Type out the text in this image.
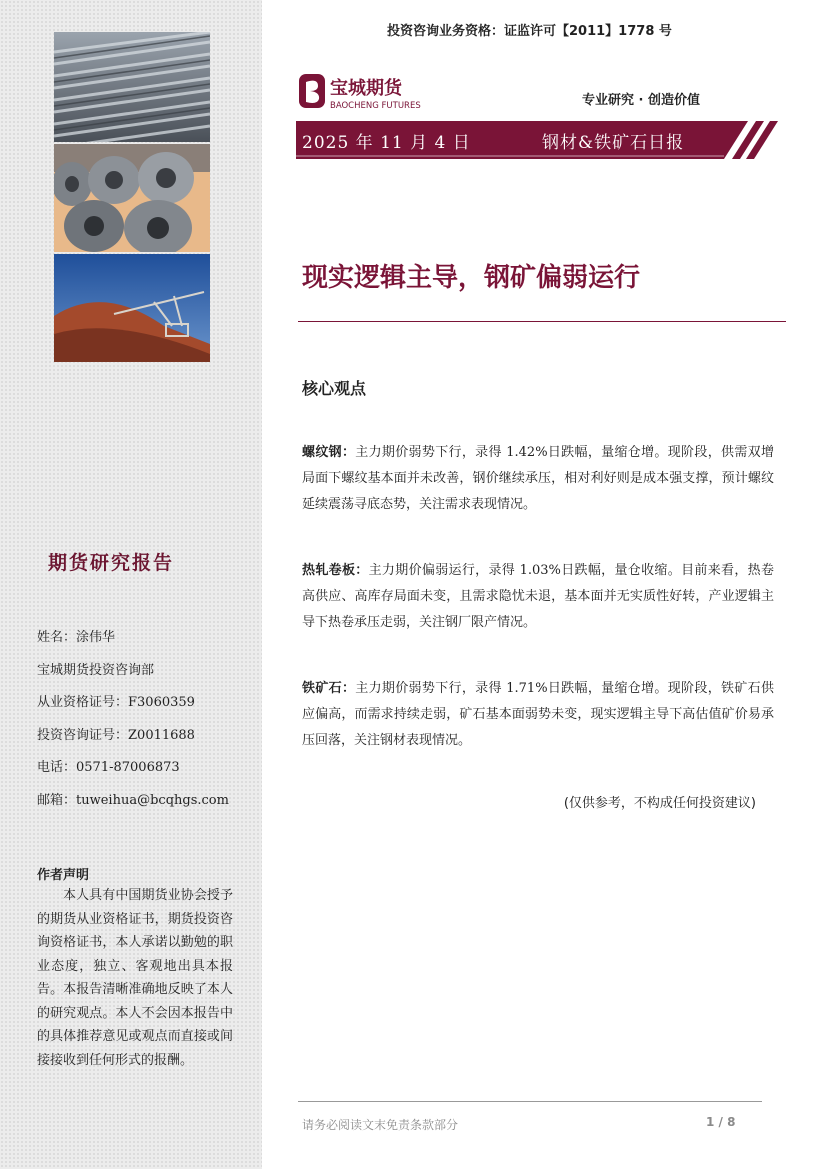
期货研究报告
姓名：涂伟华
宝城期货投资咨询部
从业资格证号：F3060359
投资咨询证号：Z0011688
电话：0571-87006873
邮箱：tuweihua@bcqhgs.com
作者声明
本人具有中国期货业协会授予的期货从业资格证书，期货投资咨询资格证书，本人承诺以勤勉的职业态度，独立、客观地出具本报告。本报告清晰准确地反映了本人的研究观点。本人不会因本报告中的具体推荐意见或观点而直接或间接接收到任何形式的报酬。
投资咨询业务资格：证监许可【2011】1778 号
宝城期货
BAOCHENG FUTURES	专业研究 · 创造价值
2025 年 11 月 4 日	钢材&铁矿石日报
现实逻辑主导，钢矿偏弱运行
核心观点
螺纹钢：主力期价弱势下行，录得 1.42%日跌幅，量缩仓增。现阶段，供需双增局面下螺纹基本面并未改善，钢价继续承压，相对利好则是成本强支撑，预计螺纹延续震荡寻底态势，关注需求表现情况。
热轧卷板：主力期价偏弱运行，录得 1.03%日跌幅，量仓收缩。目前来看，热卷高供应、高库存局面未变，且需求隐忧未退，基本面并无实质性好转，产业逻辑主导下热卷承压走弱，关注钢厂限产情况。
铁矿石：主力期价弱势下行，录得 1.71%日跌幅，量缩仓增。现阶段，铁矿石供应偏高，而需求持续走弱，矿石基本面弱势未变，现实逻辑主导下高估值矿价易承压回落，关注钢材表现情况。
(仅供参考，不构成任何投资建议)
请务必阅读文末免责条款部分	1 / 8
